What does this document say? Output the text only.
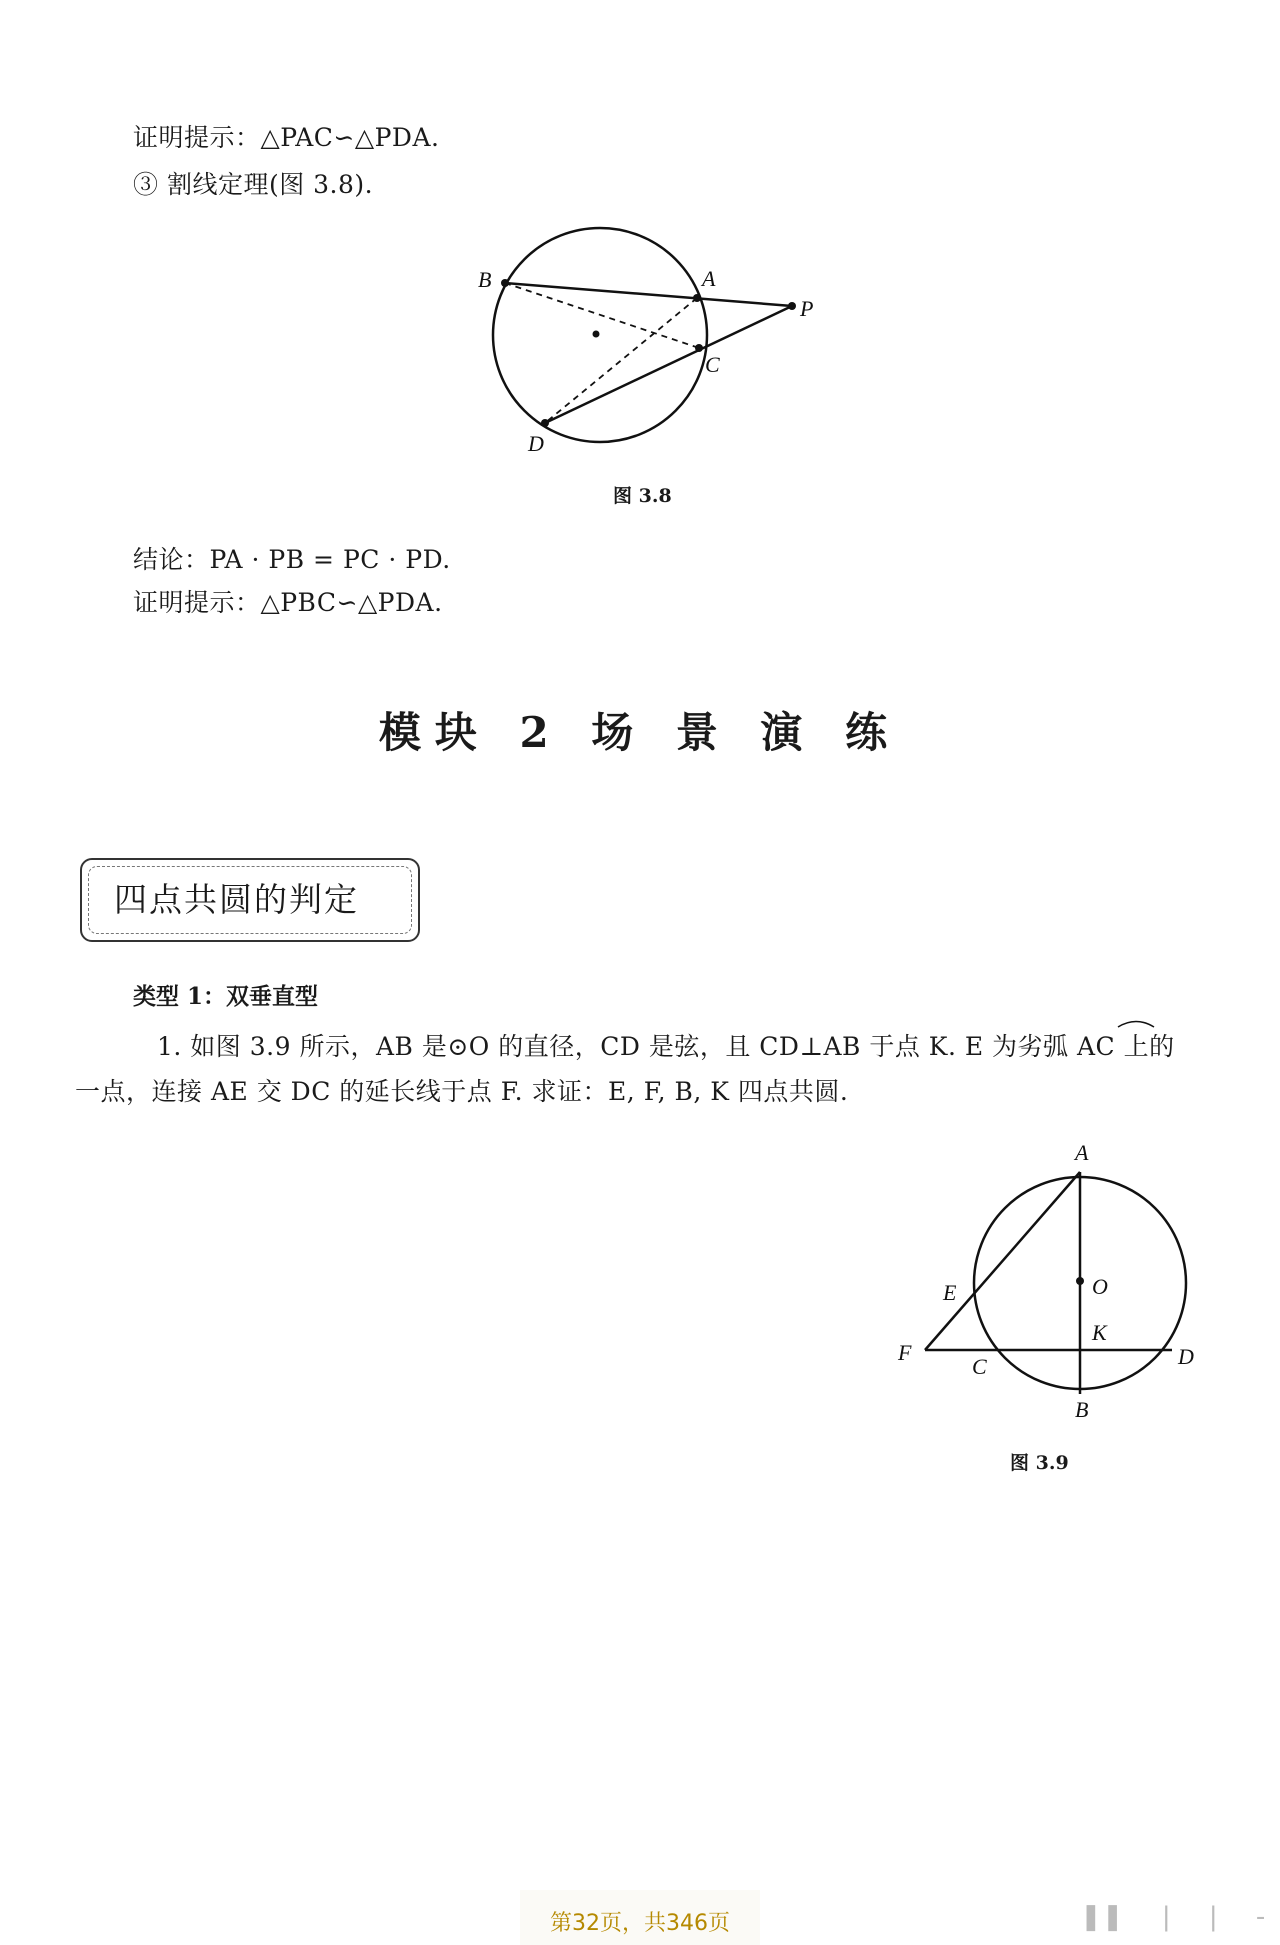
证明提示：△PAC∽△PDA.
③ 割线定理(图 3.8).
B	A
P
C
D
A
O
E
K
F
C	D
B
图 3.8
结论：PA · PB = PC · PD.
证明提示：△PBC∽△PDA.
模块 2 场 景 演 练
四点共圆的判定
类型 1：双垂直型
1. 如图 3.9 所示，AB 是⊙O 的直径，CD 是弦，且 CD⊥AB 于点 K. E 为劣弧 AC 上的
一点，连接 AE 交 DC 的延长线于点 F. 求证：E, F, B, K 四点共圆.
图 3.9
第32页，共346页	❚❚ | | ‐
